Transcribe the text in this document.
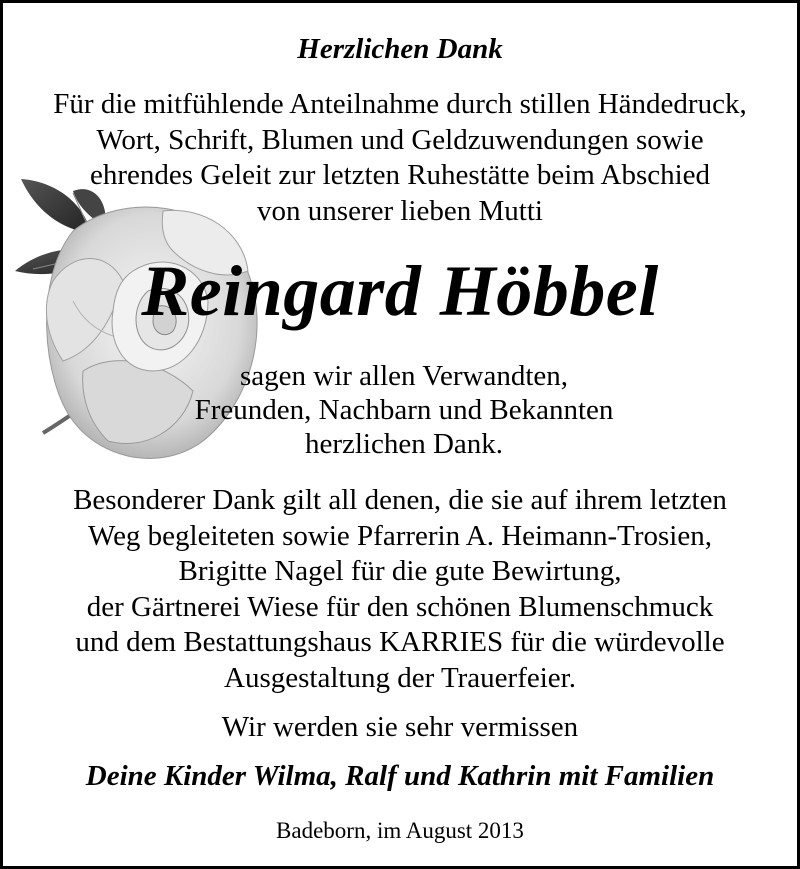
Herzlichen Dank
Für die mitfühlende Anteilnahme durch stillen Händedruck,
Wort, Schrift, Blumen und Geldzuwendungen sowie
ehrendes Geleit zur letzten Ruhestätte beim Abschied
von unserer lieben Mutti
Reingard Höbbel
sagen wir allen Verwandten,
Freunden, Nachbarn und Bekannten
herzlichen Dank.
Besonderer Dank gilt all denen, die sie auf ihrem letzten
Weg begleiteten sowie Pfarrerin A. Heimann-Trosien,
Brigitte Nagel für die gute Bewirtung,
der Gärtnerei Wiese für den schönen Blumenschmuck
und dem Bestattungshaus KARRIES für die würdevolle
Ausgestaltung der Trauerfeier.
Wir werden sie sehr vermissen
Deine Kinder Wilma, Ralf und Kathrin mit Familien
Badeborn, im August 2013
